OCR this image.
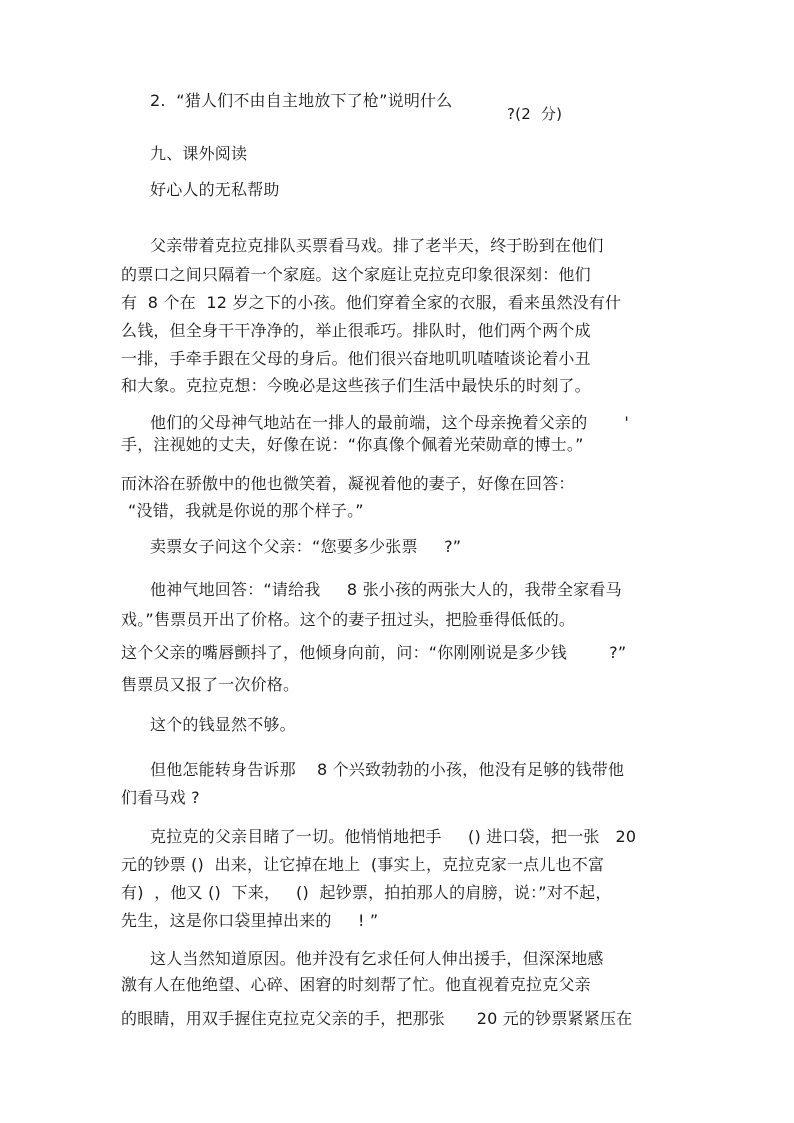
2.  “猎人们不由自主地放下了枪”说明什么
?(2  分)
九、课外阅读
好心人的无私帮助
父亲带着克拉克排队买票看马戏。排了老半天，终于盼到在他们
的票口之间只隔着一个家庭。这个家庭让克拉克印象很深刻：他们
有  8 个在  12 岁之下的小孩。他们穿着全家的衣服，看来虽然没有什
么钱，但全身干干净净的，举止很乖巧。排队时，他们两个两个成
一排，手牵手跟在父母的身后。他们很兴奋地叽叽喳喳谈论着小丑
和大象。克拉克想：今晚必是这些孩子们生活中最快乐的时刻了。
他们的父母神气地站在一排人的最前端，这个母亲挽着父亲的       '
手，注视她的丈夫，好像在说：“你真像个佩着光荣勋章的博士。”
而沐浴在骄傲中的他也微笑着，凝视着他的妻子，好像在回答：
“没错，我就是你说的那个样子。”
卖票女子问这个父亲：“您要多少张票     ?”
他神气地回答：“请给我     8 张小孩的两张大人的，我带全家看马
戏。”售票员开出了价格。这个的妻子扭过头，把脸垂得低低的。
这个父亲的嘴唇颤抖了，他倾身向前，问：“你刚刚说是多少钱        ?”
售票员又报了一次价格。
这个的钱显然不够。
但他怎能转身告诉那    8 个兴致勃勃的小孩，他没有足够的钱带他
们看马戏 ?
克拉克的父亲目睹了一切。他悄悄地把手     () 进口袋，把一张   20
元的钞票 ()  出来，让它掉在地上  (事实上，克拉克家一点儿也不富
有)  ，他又 ()  下来，   ()  起钞票，拍拍那人的肩膀，说：”对不起，
先生，这是你口袋里掉出来的     ! ”
这人当然知道原因。他并没有乞求任何人伸出援手，但深深地感
激有人在他绝望、心碎、困窘的时刻帮了忙。他直视着克拉克父亲
的眼睛，用双手握住克拉克父亲的手，把那张      20 元的钞票紧紧压在
